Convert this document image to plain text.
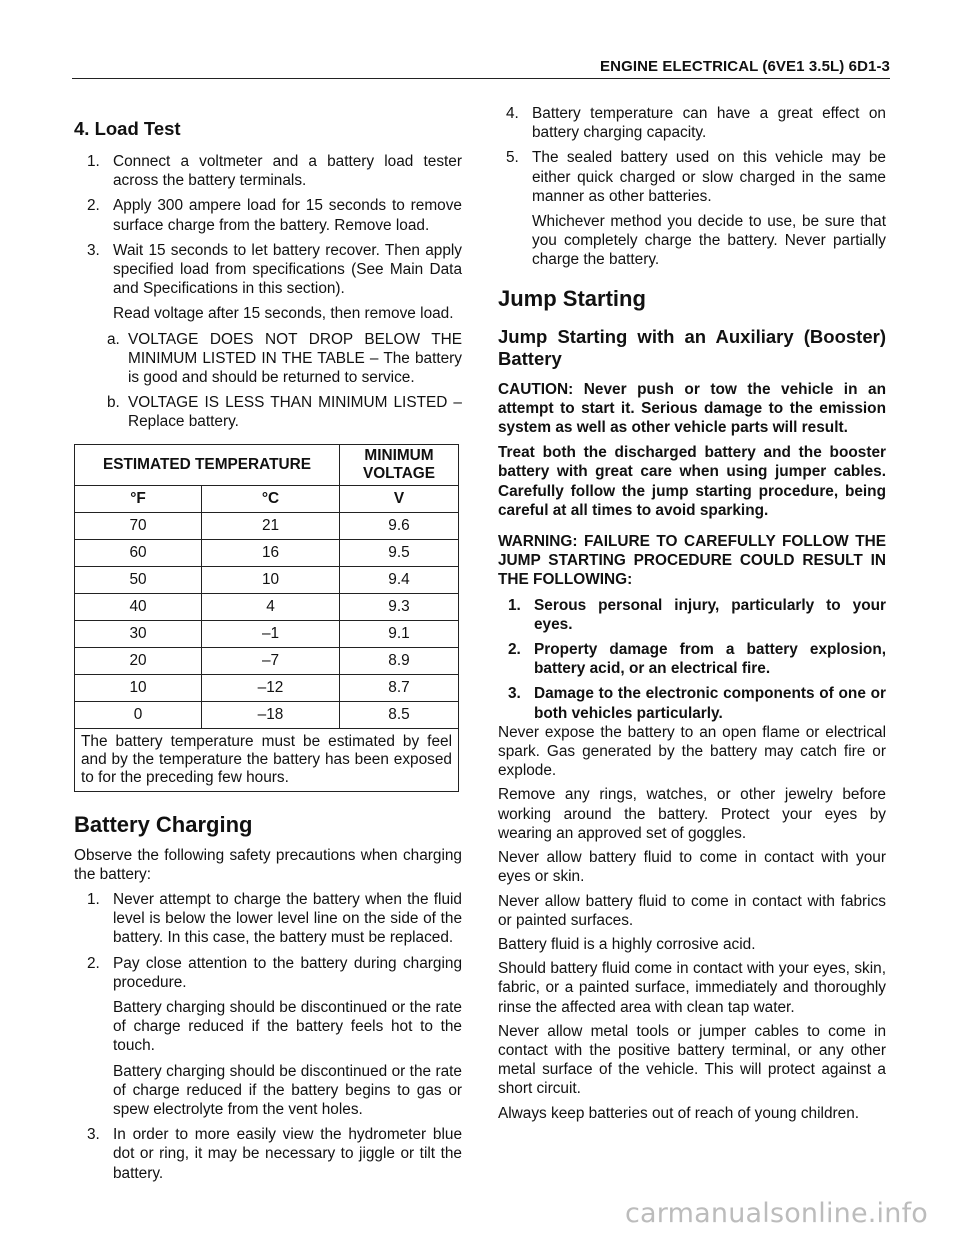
ENGINE ELECTRICAL (6VE1 3.5L) 6D1-3
4. Load Test
1. Connect a voltmeter and a battery load tester across the battery terminals.

2. Apply 300 ampere load for 15 seconds to remove surface charge from the battery. Remove load.

3. Wait 15 seconds to let battery recover. Then apply specified load from specifications (See Main Data and Specifications in this section).

Read voltage after 15 seconds, then remove load.

a. VOLTAGE DOES NOT DROP BELOW THE MINIMUM LISTED IN THE TABLE – The battery is good and should be returned to service.

b. VOLTAGE IS LESS THAN MINIMUM LISTED – Replace battery.

ESTIMATED TEMPERATURE		MINIMUM VOLTAGE
°F	°C	V
70	21	9.6
60	16	9.5
50	10	9.4
40	4	9.3
30	–1	9.1
20	–7	8.9
10	–12	8.7
0	–18	8.5
The battery temperature must be estimated by feel and by the temperature the battery has been exposed to for the preceding few hours.		
Battery Charging

Observe the following safety precautions when charging the battery:

1. Never attempt to charge the battery when the fluid level is below the lower level line on the side of the battery. In this case, the battery must be replaced.

2. Pay close attention to the battery during charging procedure.

Battery charging should be discontinued or the rate of charge reduced if the battery feels hot to the touch.

Battery charging should be discontinued or the rate of charge reduced if the battery begins to gas or spew electrolyte from the vent holes.

3. In order to more easily view the hydrometer blue dot or ring, it may be necessary to jiggle or tilt the battery.

4. Battery temperature can have a great effect on battery charging capacity.

5. The sealed battery used on this vehicle may be either quick charged or slow charged in the same manner as other batteries.

Whichever method you decide to use, be sure that you completely charge the battery. Never partially charge the battery.

Jump Starting
Jump Starting with an Auxiliary (Booster) Battery

CAUTION: Never push or tow the vehicle in an attempt to start it. Serious damage to the emission system as well as other vehicle parts will result.

Treat both the discharged battery and the booster battery with great care when using jumper cables. Carefully follow the jump starting procedure, being careful at all times to avoid sparking.

WARNING: FAILURE TO CAREFULLY FOLLOW THE JUMP STARTING PROCEDURE COULD RESULT IN THE FOLLOWING:

1. Serous personal injury, particularly to your eyes.

2. Property damage from a battery explosion, battery acid, or an electrical fire.

3. Damage to the electronic components of one or both vehicles particularly.

Never expose the battery to an open flame or electrical spark. Gas generated by the battery may catch fire or explode.

Remove any rings, watches, or other jewelry before working around the battery. Protect your eyes by wearing an approved set of goggles.

Never allow battery fluid to come in contact with your eyes or skin.

Never allow battery fluid to come in contact with fabrics or painted surfaces.

Battery fluid is a highly corrosive acid.

Should battery fluid come in contact with your eyes, skin, fabric, or a painted surface, immediately and thoroughly rinse the affected area with clean tap water.

Never allow metal tools or jumper cables to come in contact with the positive battery terminal, or any other metal surface of the vehicle. This will protect against a short circuit.

Always keep batteries out of reach of young children.

carmanualsonline.info
